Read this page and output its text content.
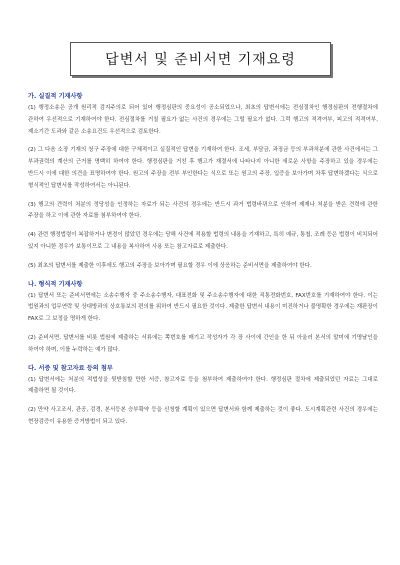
답변서 및 준비서면 기재요령
가. 실질적 기재사항

(1) 행정소송은 공개 원리적 검지주의로 되어 있어 행정심판의 중요성이 공소되었으나, 최초의 답변서에는 전심절차인 행정심판의 전행절차에 관하여 우선적으로 기재하여야 한다. 전심절차를 거칠 필요가 없는 사건의 경우에는 그럴 필요가 없다. 그럭 행고의 적격여부, 피고의 적격여부, 제소기간 도과와 같은 소송요건도 우선적으로 검토한다.

(2) 그 다음 소장 기재의 청구 주장에 대한 구체적이고 실질적인 답변을 기재하여 한다. 조세, 부담금, 과징금 등의 부과처분에 관한 사건에서는 그 부과권력의 계산의 근거를 명백히 하여야 한다. 행정심판을 거친 후 행고가 재결서에 나타나지 아니한 새로운 사항을 주장하고 있을 경우에는 반드시 이에 대한 의견을 표명하여야 한다. 원고의 주장을 전부 부인한다는 식으로 또는 원고의 주장, 입증을 보아가며 차후 답변하겠다는 식으로 형식적인 답변서를 작성하여서는 아니된다.

(3) 행고의 견력이 처분의 정당성을 인정하는 자료가 되는 사건의 경우에는 반드시 과거 법령바뀌으로 인하여 제재나 처분을 받은 견력에 관한 주장을 하고 이에 관한 자료를 첨부하여야 한다.

(4) 관련 행정법령이 복잡하거나 변경이 많았던 경우에는 당해 사건에 적용할 법령의 내용을 기재하고, 특히 예규, 통첩, 조례 등은 법령이 비치되어 있지 아니한 경우가 보통이므로 그 내용을 복사하여 사용 또는 참고자료로 제출한다.

(5) 최초의 답변서를 제출한 이후에도 행고의 주장을 보아가며 필요할 경우 이에 상응하는 준비서면을 제출하여야 한다.

나. 형식적 기재사항

(1) 답변서 또는 준비서면에는 소송수행자 중 주소송수행자, 대표전화 및 주소송수행자에 대한 직통전화번호, FAX번호를 기재하여야 한다. 이는 법원과의 업무연락 및 상대방과의 상호통보의 편의를 위하여 반드시 필요한 것이다. 제출한 답변서 내용이 미진하거나 불명확한 경우에는 재판장이 FAX로 그 보정을 명하게 한다.

(2) 준비서면, 답변서를 비롯 법원에 제출하는 서류에는 쪽번호를 매기고 작성자가 각 장 사이에 간인을 한 뒤 아울러 본서의 말미에 기명날인을 하여야 하며, 이를 누락하는 예가 많다.

다. 서증 및 참고자료 등의 첨부

(1) 답변서에는 처분의 적법성을 뒷받침할 만한 서증, 참고자료 등을 첨부하여 제출하여야 한다. 행정심판 절차에 제출되었던 자료는 그대로 제출하면 될 것이다.

(2) 만약 사고조서, 관공, 검경, 본서등본 승부확약 등을 신청할 계획이 있으면 답변서와 함께 제출하는 것이 좋다. 도시계획관련 사건의 경우에는 현장검증이 유용한 증거방법이 되고 있다.
